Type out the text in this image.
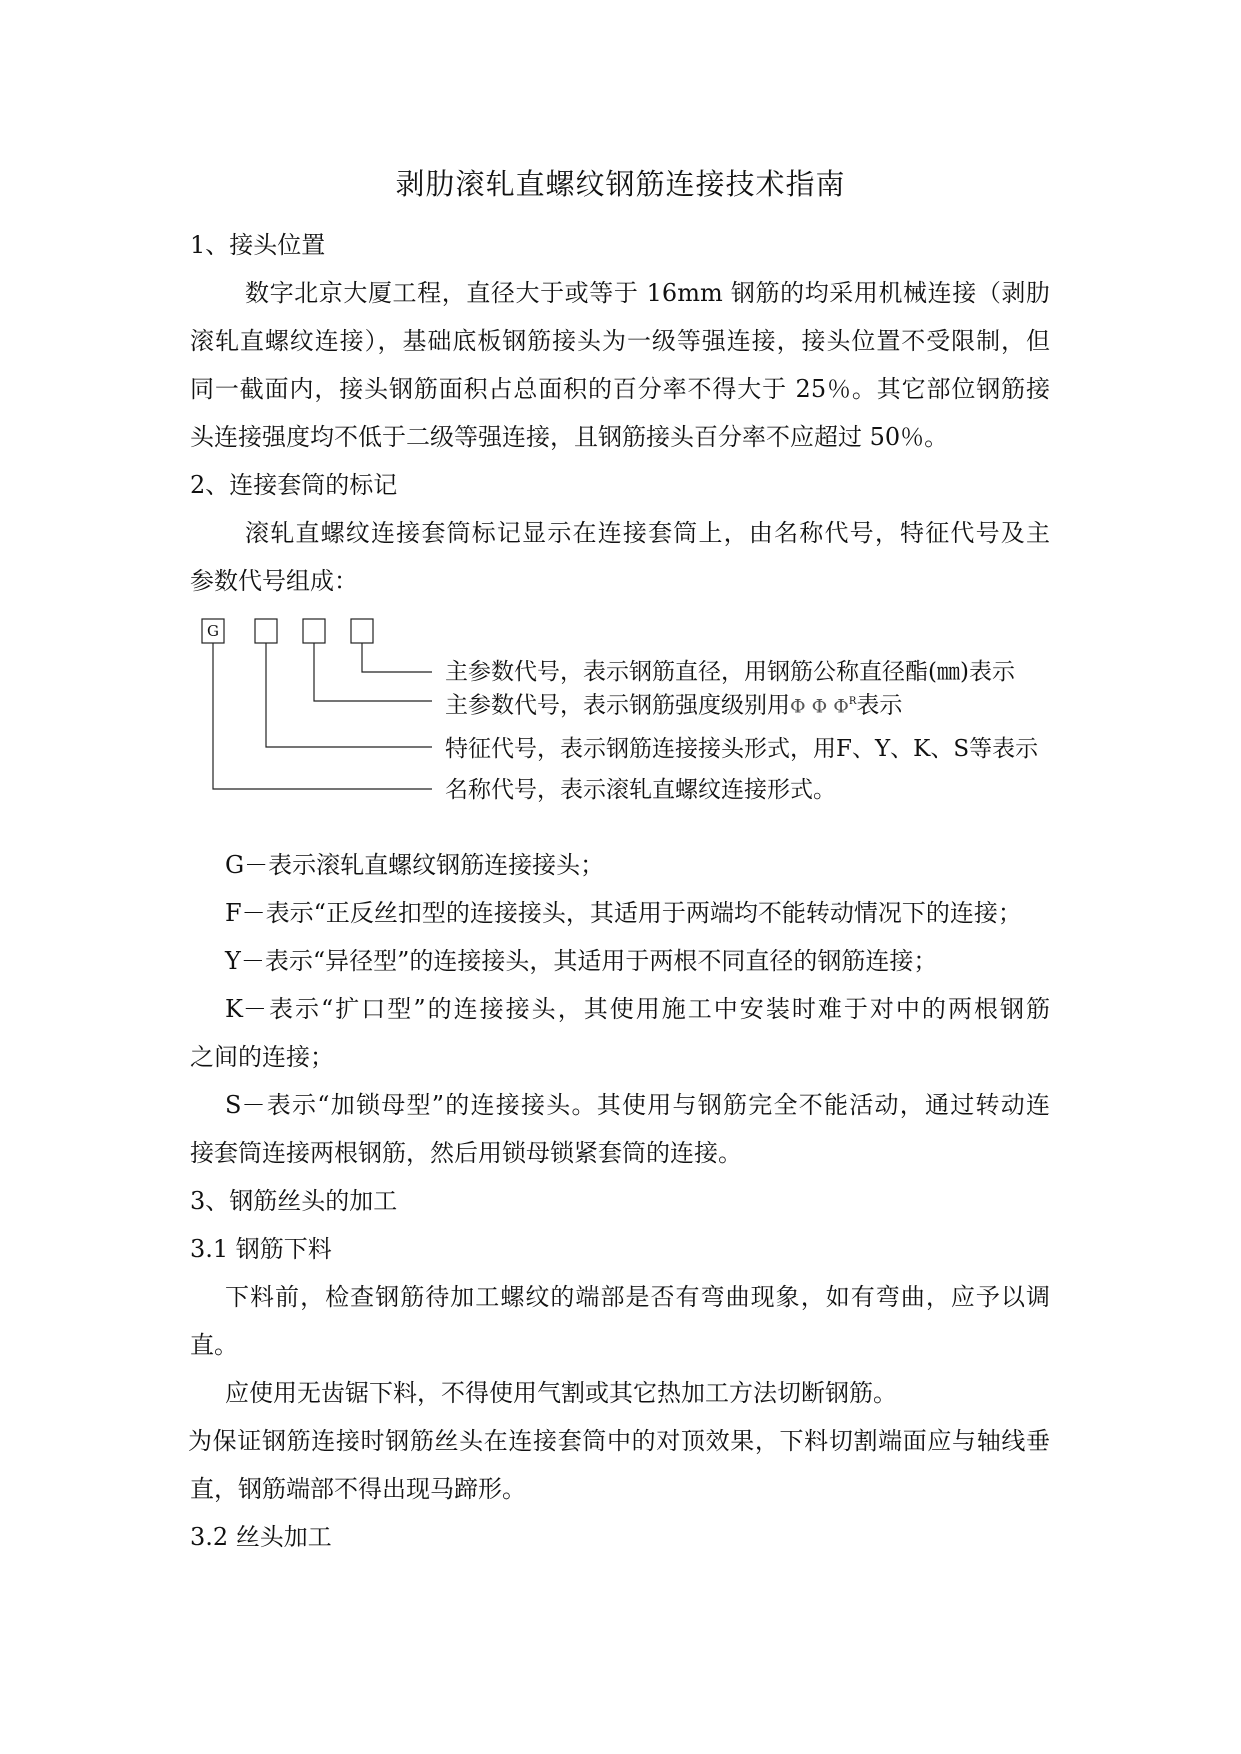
剥肋滚轧直螺纹钢筋连接技术指南
1、接头位置
数字北京大厦工程，直径大于或等于 16mm 钢筋的均采用机械连接（剥肋
滚轧直螺纹连接），基础底板钢筋接头为一级等强连接，接头位置不受限制，但
同一截面内，接头钢筋面积占总面积的百分率不得大于 25％。其它部位钢筋接
头连接强度均不低于二级等强连接，且钢筋接头百分率不应超过 50％。
2、连接套筒的标记
滚轧直螺纹连接套筒标记显示在连接套筒上，由名称代号，特征代号及主
参数代号组成：
G
主参数代号，表示钢筋直径，用钢筋公称直径酯(㎜)表示
主参数代号，表示钢筋强度级别用Φ Φ $\Phi^R$表示
特征代号，表示钢筋连接接头形式，用F、Y、K、S等表示
名称代号，表示滚轧直螺纹连接形式。
G－表示滚轧直螺纹钢筋连接接头；
F－表示“正反丝扣型的连接接头，其适用于两端均不能转动情况下的连接；
Y－表示“异径型”的连接接头，其适用于两根不同直径的钢筋连接；
K－表示“扩口型”的连接接头，其使用施工中安装时难于对中的两根钢筋
之间的连接；
S－表示“加锁母型”的连接接头。其使用与钢筋完全不能活动，通过转动连
接套筒连接两根钢筋，然后用锁母锁紧套筒的连接。
3、钢筋丝头的加工
3.1 钢筋下料
下料前，检查钢筋待加工螺纹的端部是否有弯曲现象，如有弯曲，应予以调
直。
应使用无齿锯下料，不得使用气割或其它热加工方法切断钢筋。
为保证钢筋连接时钢筋丝头在连接套筒中的对顶效果，下料切割端面应与轴线垂
直，钢筋端部不得出现马蹄形。
3.2 丝头加工
